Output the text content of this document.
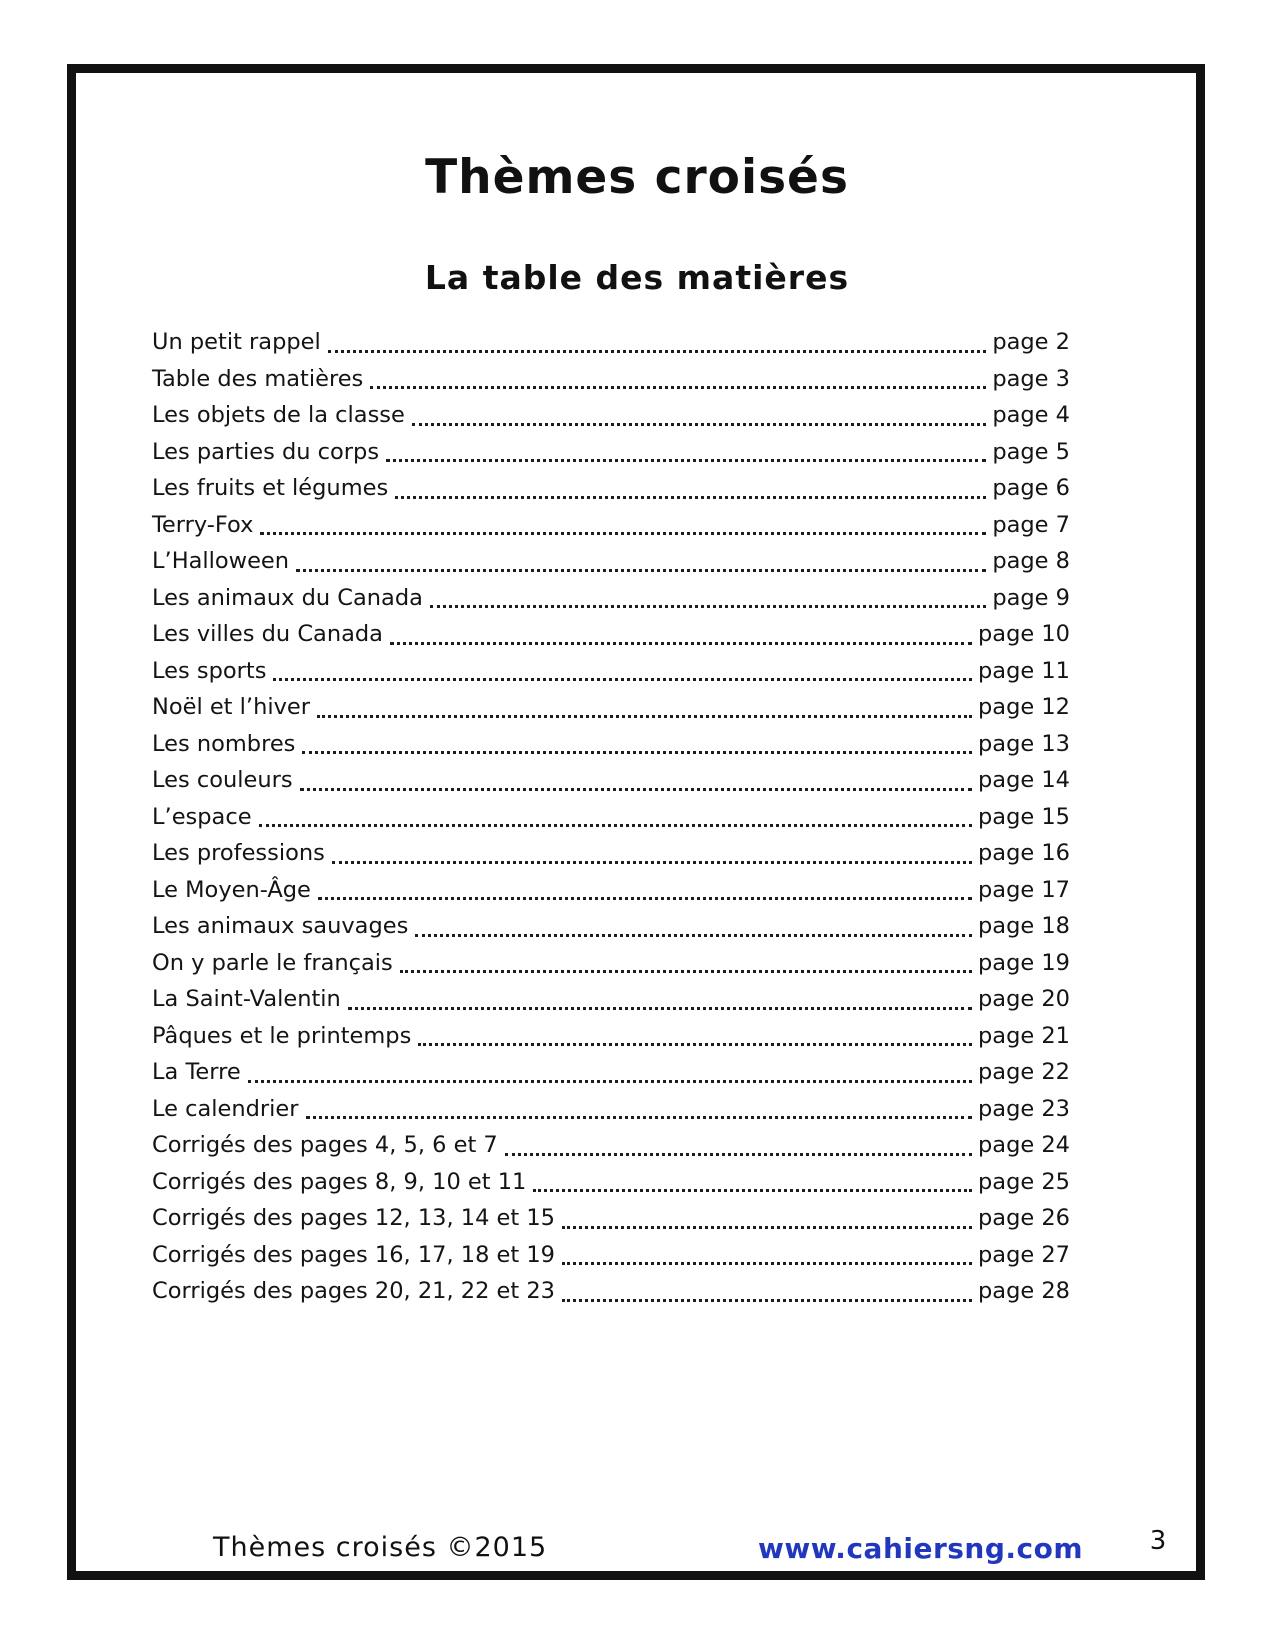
Thèmes croisés
La table des matières
Un petit rappel	page 2
Table des matières	page 3
Les objets de la classe	page 4
Les parties du corps	page 5
Les fruits et légumes	page 6
Terry-Fox	page 7
L’Halloween	page 8
Les animaux du Canada	page 9
Les villes du Canada	page 10
Les sports	page 11
Noël et l’hiver	page 12
Les nombres	page 13
Les couleurs	page 14
L’espace	page 15
Les professions	page 16
Le Moyen-Âge	page 17
Les animaux sauvages	page 18
On y parle le français	page 19
La Saint-Valentin	page 20
Pâques et le printemps	page 21
La Terre	page 22
Le calendrier	page 23
Corrigés des pages 4, 5, 6 et 7	page 24
Corrigés des pages 8, 9, 10 et 11	page 25
Corrigés des pages 12, 13, 14 et 15	page 26
Corrigés des pages 16, 17, 18 et 19	page 27
Corrigés des pages 20, 21, 22 et 23	page 28
Thèmes croisés ©2015	www.cahiersng.com	3
